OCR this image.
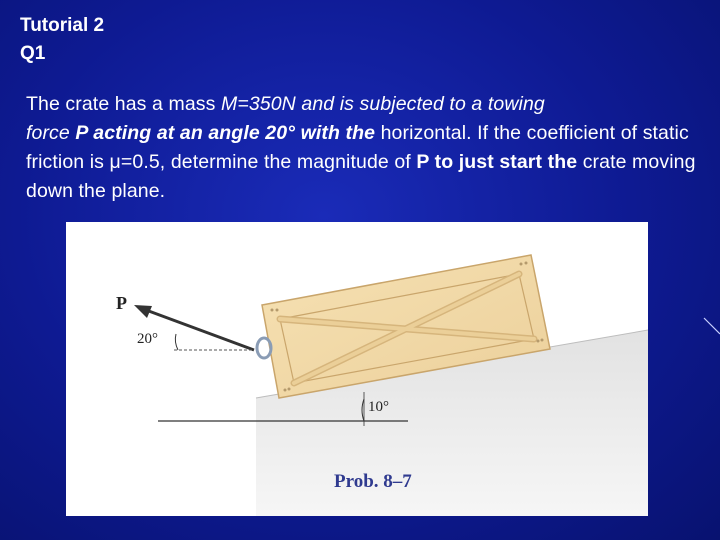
Tutorial 2
Q1
The crate has a mass M=350N and is subjected to a towing
force P acting at an angle 20° with the horizontal. If the coefficient of static friction is μ=0.5, determine the magnitude of P to just start the crate moving down the plane.
P
20°
10°
Prob. 8–7
